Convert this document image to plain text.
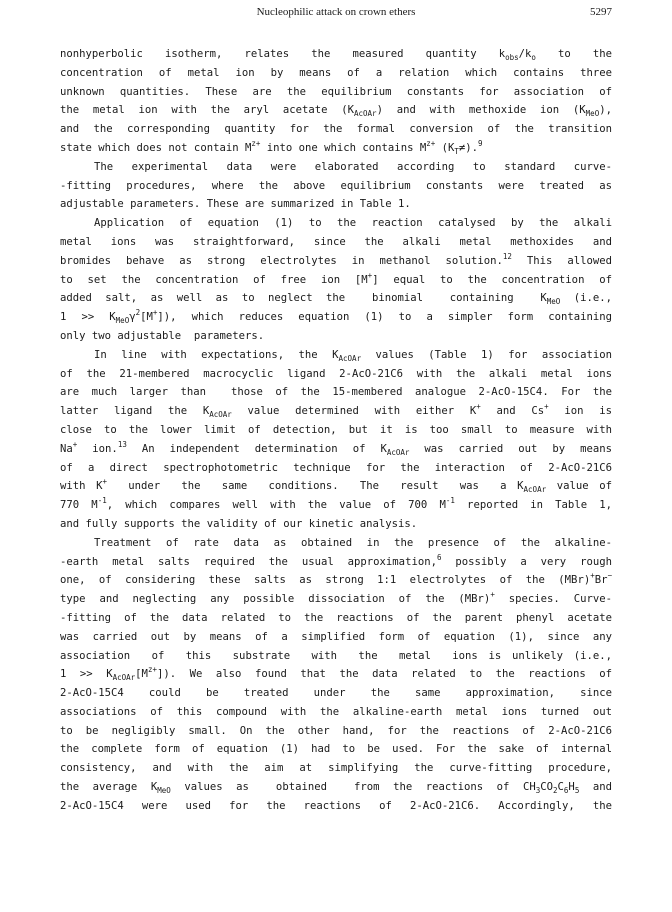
Nucleophilic attack on crown ethers	5297
nonhyperbolic isotherm, relates the measured quantity $k_{obs}/k_o$ to the
concentration of metal ion by means of a relation which contains three
unknown quantities. These are the equilibrium constants for association of
the metal ion with the aryl acetate $(K_{AcOAr})$ and with methoxide ion $(K_{MeO})$,
and the corresponding quantity for the formal conversion of the transition
state which does not contain $M^{z+}$ into one which contains $M^{z+}$ $(K_T\ne).^9$
The experimental data were elaborated according to standard curve-
-fitting procedures, where the above equilibrium constants were treated as
adjustable parameters. These are summarized in Table 1.
Application of equation (1) to the reaction catalysed by the alkali
metal ions was straightforward, since the alkali metal methoxides and
bromides behave as strong electrolytes in methanol solution.$^{12}$ This allowed
to set the concentration of free ion [M+] equal to the concentration of
added salt, as well as to neglect the  binomial  containing  $K_{MeO}$ (i.e.,
$1 >> K_{MeO}\gamma^2[M^+]$), which reduces equation (1) to a simpler form containing
only two adjustable  parameters.
In line with expectations, the $K_{AcOAr}$ values (Table 1) for association
of the 21-membered macrocyclic ligand 2-AcO-21C6 with the alkali metal ions
are much larger than  those of the 15-membered analogue 2-AcO-15C4. For the
latter ligand the $K_{AcOAr}$ value determined with either K+ and Cs+ ion is
close to the lower limit of detection, but it is too small to measure with
Na+ ion.$^{13}$ An independent determination of $K_{AcOAr}$ was carried out by means
of a direct spectrophotometric technique for the interaction of 2-AcO-21C6
with K+  under  the  same  conditions.  The  result  was  a $K_{AcOAr}$ value of
770 $M^{-1}$, which compares well with the value of 700 $M^{-1}$ reported in Table 1,
and fully supports the validity of our kinetic analysis.
Treatment of rate data as obtained in the presence of the alkaline-
-earth metal salts required the usual approximation,$^6$ possibly a very rough
one, of considering these salts as strong 1:1 electrolytes of the (MBr)+Br−
type and neglecting any possible dissociation of the (MBr)+ species. Curve-
-fitting of the data related to the reactions of the parent phenyl acetate
was carried out by means of a simplified form of equation (1), since any
association  of  this  substrate  with  the  metal  ions is unlikely (i.e.,
$1 >> K_{AcOAr}[M^{z+}]$). We also found that the data related to the reactions of
2-AcO-15C4  could  be  treated  under  the  same  approximation,  since
associations of this compound with the alkaline-earth metal ions turned out
to be negligibly small. On the other hand, for the reactions of 2-AcO-21C6
the complete form of equation (1) had to be used. For the sake of internal
consistency, and with the aim at simplifying the curve-fitting procedure,
the average $K_{MeO}$ values as  obtained  from the reactions of $CH_3CO_2C_6H_5$ and
2-AcO-15C4  were  used  for  the  reactions  of  2-AcO-21C6.  Accordingly,  the
